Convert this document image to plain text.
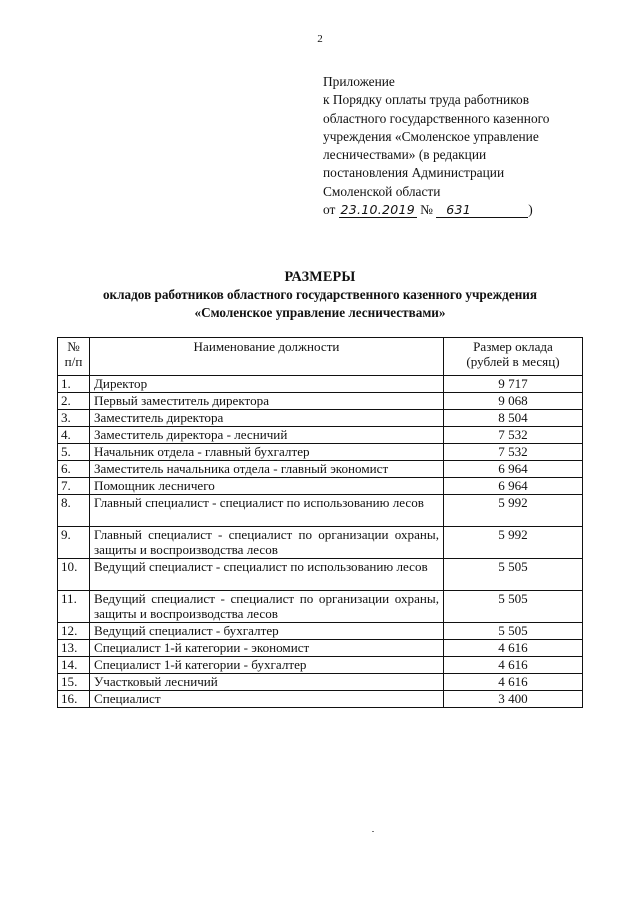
2
Приложение
к Порядку оплаты труда работников
областного государственного казенного
учреждения «Смоленское управление
лесничествами» (в редакции
постановления Администрации
Смоленской области
от 23.10.2019 № 631	)
РАЗМЕРЫ
окладов работников областного государственного казенного учреждения
«Смоленское управление лесничествами»
№
п/п	Наименование должности	Размер оклада
(рублей в месяц)
1.	Директор	9 717
2.	Первый заместитель директора	9 068
3.	Заместитель директора	8 504
4.	Заместитель директора - лесничий	7 532
5.	Начальник отдела - главный бухгалтер	7 532
6.	Заместитель начальника отдела - главный экономист	6 964
7.	Помощник лесничего	6 964
8.	Главный специалист - специалист по использованию лесов	5 992
9.	Главный специалист - специалист по организации охраны, защиты и воспроизводства лесов	5 992
10.	Ведущий специалист - специалист по использованию лесов	5 505
11.	Ведущий специалист - специалист по организации охраны, защиты и воспроизводства лесов	5 505
12.	Ведущий специалист - бухгалтер	5 505
13.	Специалист 1-й категории - экономист	4 616
14.	Специалист 1-й категории - бухгалтер	4 616
15.	Участковый лесничий	4 616
16.	Специалист	3 400
